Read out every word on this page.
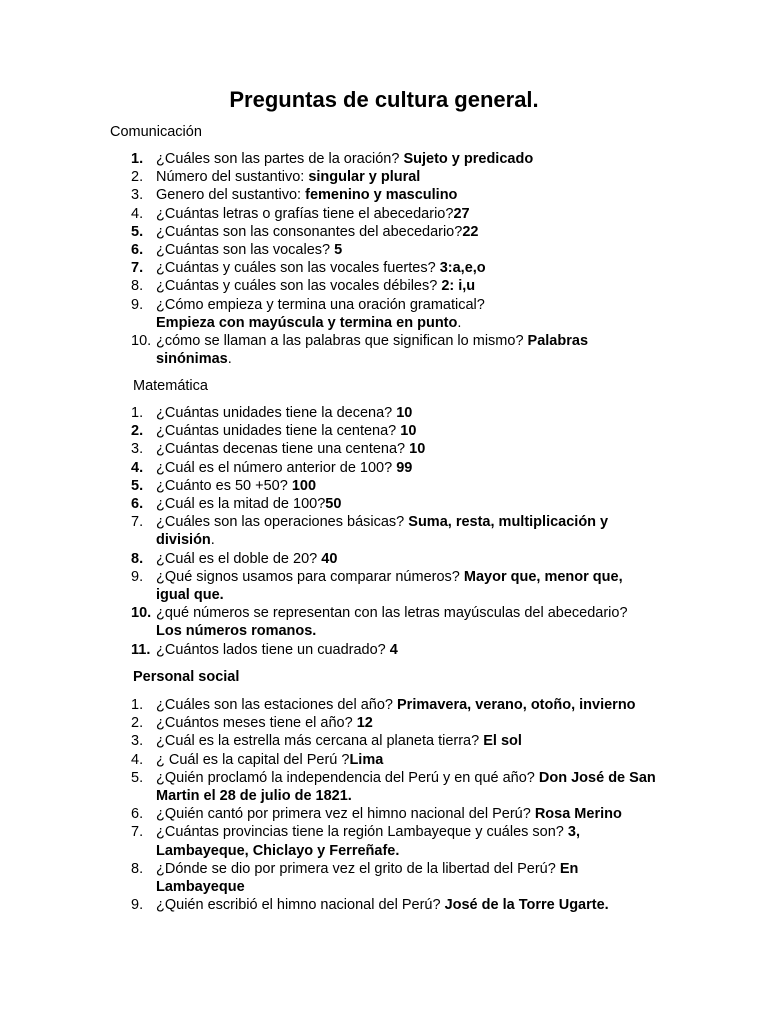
Preguntas de cultura general.
Comunicación
1. ¿Cuáles son las partes de la oración? Sujeto y predicado
2. Número del sustantivo: singular y plural
3. Genero del sustantivo: femenino y masculino
4. ¿Cuántas letras o grafías tiene el abecedario?27
5. ¿Cuántas son las consonantes del abecedario?22
6. ¿Cuántas son las vocales? 5
7. ¿Cuántas y cuáles son las vocales fuertes? 3:a,e,o
8. ¿Cuántas y cuáles son las vocales débiles? 2: i,u
9. ¿Cómo empieza y termina una oración gramatical?
Empieza con mayúscula y termina en punto.
10. ¿cómo se llaman a las palabras que significan lo mismo? Palabras sinónimas.
Matemática
1. ¿Cuántas unidades tiene la decena? 10
2. ¿Cuántas unidades tiene la centena? 10
3. ¿Cuántas decenas tiene una centena? 10
4. ¿Cuál es el número anterior de 100? 99
5. ¿Cuánto es 50 +50? 100
6. ¿Cuál es la mitad de 100?50
7. ¿Cuáles son las operaciones básicas? Suma, resta, multiplicación y división.
8. ¿Cuál es el doble de 20? 40
9. ¿Qué signos usamos para comparar números? Mayor que, menor que, igual que.
10. ¿qué números se representan con las letras mayúsculas del abecedario? Los números romanos.
11. ¿Cuántos lados tiene un cuadrado? 4
Personal social
1. ¿Cuáles son las estaciones del año? Primavera, verano, otoño, invierno
2. ¿Cuántos meses tiene el año? 12
3. ¿Cuál es la estrella más cercana al planeta tierra? El sol
4. ¿ Cuál es la capital del Perú ?Lima
5. ¿Quién proclamó la independencia del Perú y en qué año? Don José de San Martin el 28 de julio de 1821.
6. ¿Quién cantó por primera vez el himno nacional del Perú? Rosa Merino
7. ¿Cuántas provincias tiene la región Lambayeque y cuáles son? 3, Lambayeque, Chiclayo y Ferreñafe.
8. ¿Dónde se dio por primera vez el grito de la libertad del Perú? En Lambayeque
9. ¿Quién escribió el himno nacional del Perú? José de la Torre Ugarte.
